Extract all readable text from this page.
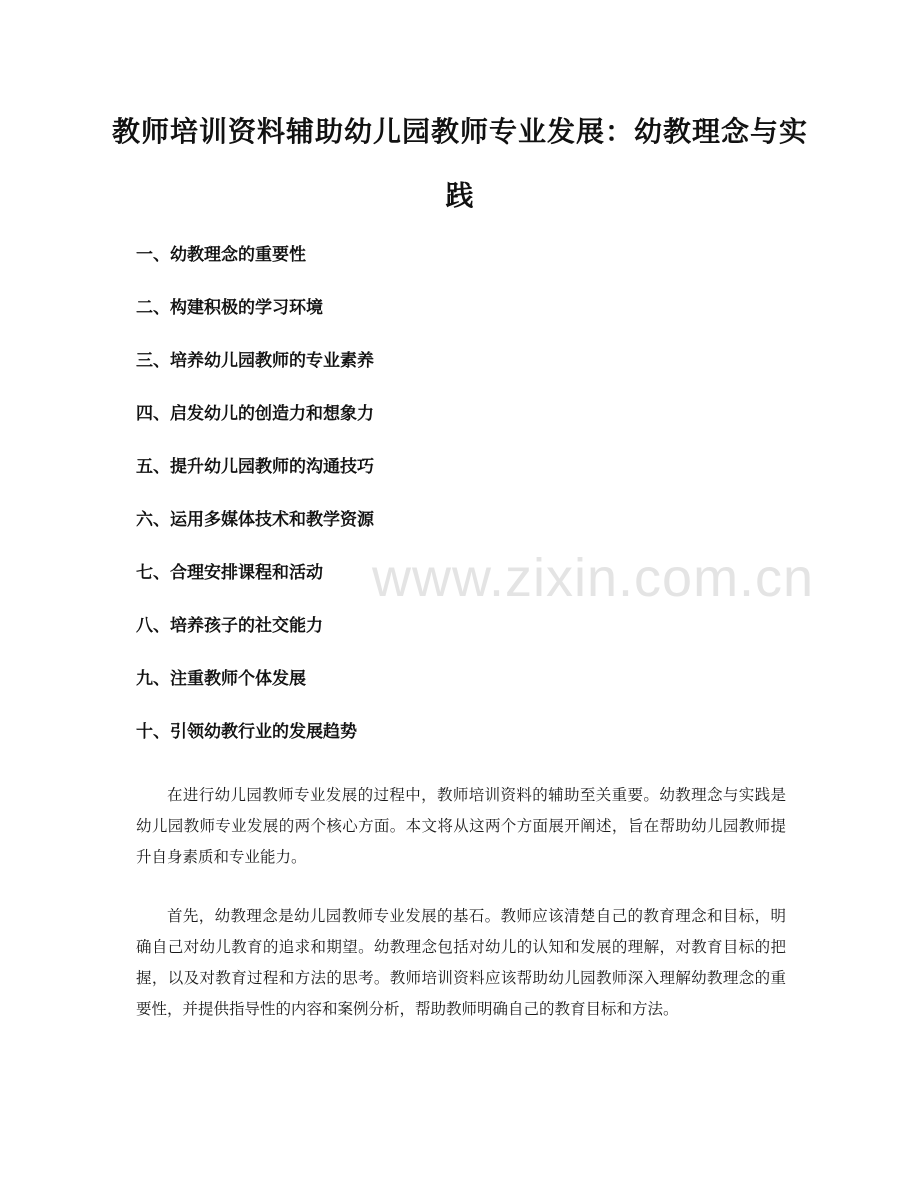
教师培训资料辅助幼儿园教师专业发展：幼教理念与实践
一、幼教理念的重要性
二、构建积极的学习环境
三、培养幼儿园教师的专业素养
四、启发幼儿的创造力和想象力
五、提升幼儿园教师的沟通技巧
六、运用多媒体技术和教学资源
七、合理安排课程和活动
八、培养孩子的社交能力
九、注重教师个体发展
十、引领幼教行业的发展趋势

在进行幼儿园教师专业发展的过程中，教师培训资料的辅助至关重要。幼教理念与实践是幼儿园教师专业发展的两个核心方面。本文将从这两个方面展开阐述，旨在帮助幼儿园教师提升自身素质和专业能力。

首先，幼教理念是幼儿园教师专业发展的基石。教师应该清楚自己的教育理念和目标，明确自己对幼儿教育的追求和期望。幼教理念包括对幼儿的认知和发展的理解，对教育目标的把握，以及对教育过程和方法的思考。教师培训资料应该帮助幼儿园教师深入理解幼教理念的重要性，并提供指导性的内容和案例分析，帮助教师明确自己的教育目标和方法。

www.zixin.com.cn
